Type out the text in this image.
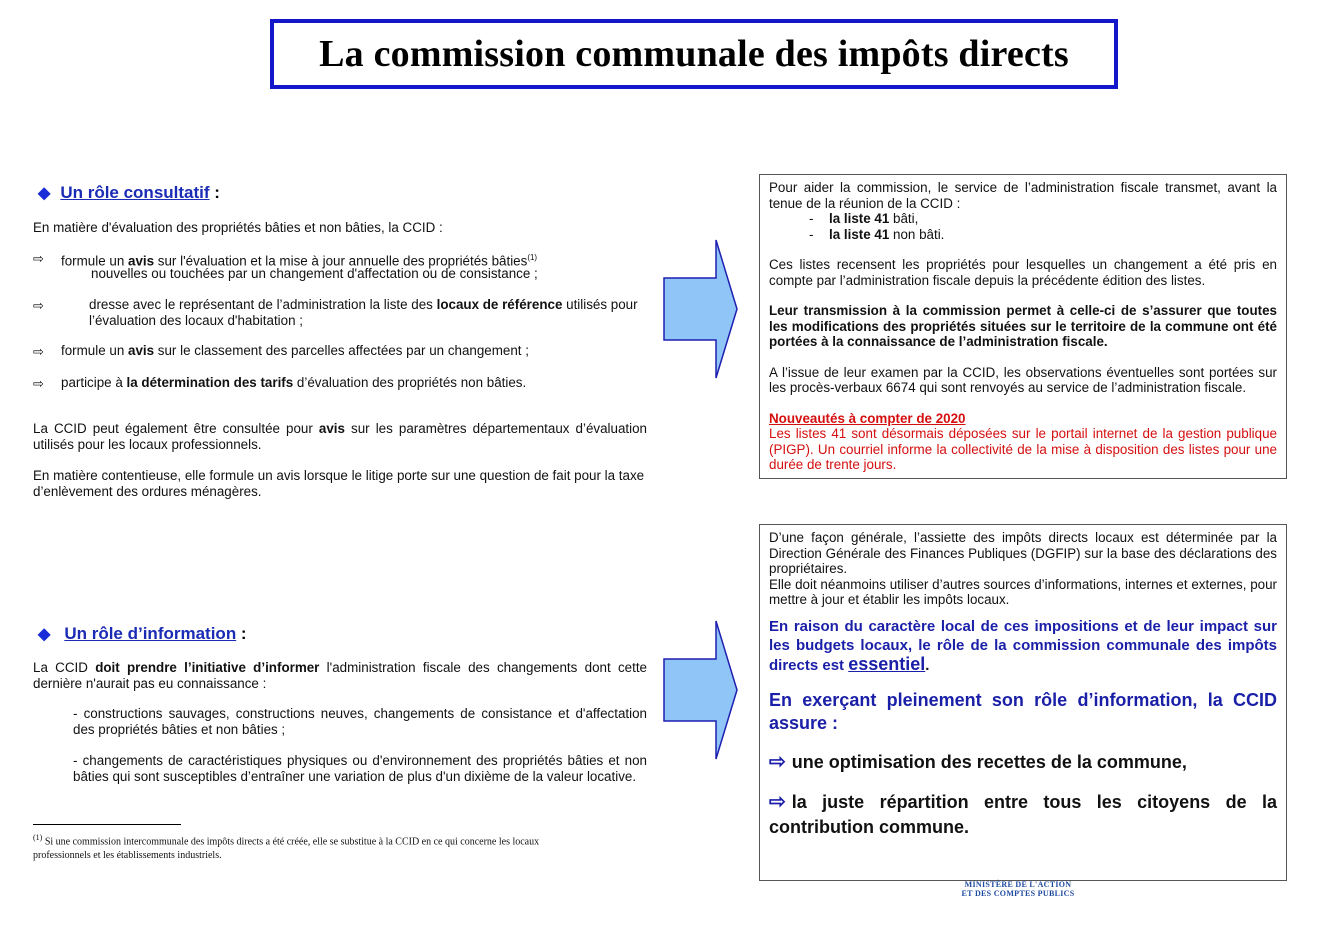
La commission communale des impôts directs
◆ Un rôle consultatif :
En matière d'évaluation des propriétés bâties et non bâties, la CCID :
⇨ formule un avis sur l'évaluation et la mise à jour annuelle des propriétés bâties$^{(1)}$
nouvelles ou touchées par un changement d'affectation ou de consistance ;
⇨	dresse avec le représentant de l’administration la liste des locaux de référence utilisés pour
l’évaluation des locaux d'habitation ;
⇨ formule un avis sur le classement des parcelles affectées par un changement ;
⇨ participe à la détermination des tarifs d’évaluation des propriétés non bâties.
La CCID peut également être consultée pour avis sur les paramètres départementaux d’évaluation utilisés pour les locaux professionnels.
En matière contentieuse, elle formule un avis lorsque le litige porte sur une question de fait pour la taxe d’enlèvement des ordures ménagères.
Pour aider la commission, le service de l’administration fiscale transmet, avant la tenue de la réunion de la CCID :
- la liste 41 bâti,
- la liste 41 non bâti.
Ces listes recensent les propriétés pour lesquelles un changement a été pris en compte par l’administration fiscale depuis la précédente édition des listes.
Leur transmission à la commission permet à celle-ci de s’assurer que toutes les modifications des propriétés situées sur le territoire de la commune ont été portées à la connaissance de l’administration fiscale.
A l’issue de leur examen par la CCID, les observations éventuelles sont portées sur les procès-verbaux 6674 qui sont renvoyés au service de l’administration fiscale.
Nouveautés à compter de 2020
Les listes 41 sont désormais déposées sur le portail internet de la gestion publique (PIGP). Un courriel informe la collectivité de la mise à disposition des listes pour une durée de trente jours.
◆ Un rôle d’information :
La CCID doit prendre l’initiative d’informer l'administration fiscale des changements dont cette dernière n'aurait pas eu connaissance :
- constructions sauvages, constructions neuves, changements de consistance et d'affectation des propriétés bâties et non bâties ;
- changements de caractéristiques physiques ou d'environnement des propriétés bâties et non bâties qui sont susceptibles d’entraîner une variation de plus d'un dixième de la valeur locative.
$^{(1)}$ Si une commission intercommunale des impôts directs a été créée, elle se substitue à la CCID en ce qui concerne les locaux professionnels et les établissements industriels.
D’une façon générale, l’assiette des impôts directs locaux est déterminée par la Direction Générale des Finances Publiques (DGFIP) sur la base des déclarations des propriétaires.
Elle doit néanmoins utiliser d’autres sources d’informations, internes et externes, pour mettre à jour et établir les impôts locaux.
En raison du caractère local de ces impositions et de leur impact sur les budgets locaux, le rôle de la commission communale des impôts directs est essentiel.
En exerçant pleinement son rôle d’information, la CCID assure :
⇨ une optimisation des recettes de la commune,
⇨ la juste répartition entre tous les citoyens de la contribution commune.
MINISTÈRE DE L'ACTION
ET DES COMPTES PUBLICS
